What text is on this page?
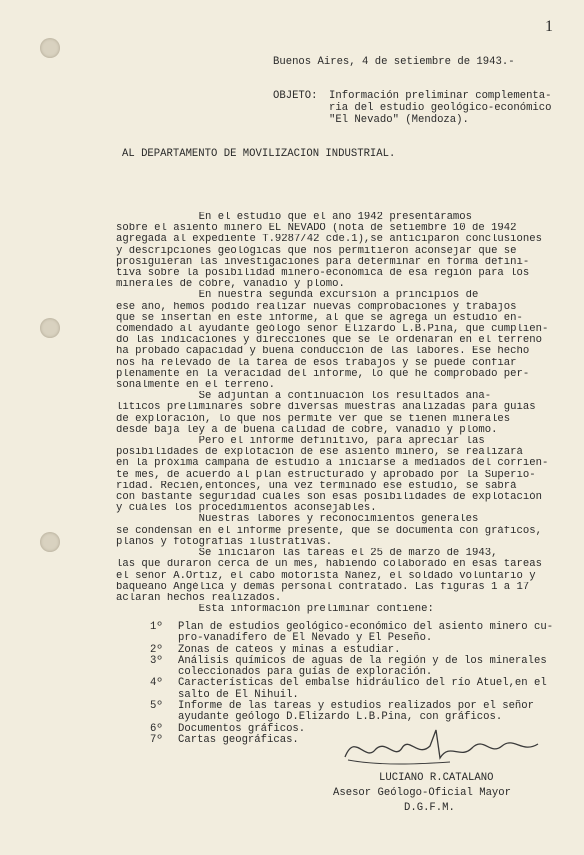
1
Buenos Aires, 4 de setiembre de 1943.-
OBJETO: Información preliminar complementa-
ria del estudio geológico-económico
"El Nevado" (Mendoza).
AL DEPARTAMENTO DE MOVILIZACION INDUSTRIAL.
En el estudio que el año 1942 presentáramos
sobre el asiento minero EL NEVADO (nota de setiembre 10 de 1942
agregada al expediente T.9287/42 cde.1),se anticiparon conclusiones
y descripciones geológicas que nos permitieron aconsejar que se
prosiguieran las investigaciones para determinar en forma defini-
tiva sobre la posibilidad minero-económica de esa región para los
minerales de cobre, vanadio y plomo.
En nuestra segunda excursión a principios de
ese año, hemos podido realizar nuevas comprobaciones y trabajos
que se insertan en este informe, al que se agrega un estudio en-
comendado al ayudante geólogo señor Elizardo L.B.Pina, que cumplien-
do las indicaciones y direcciones que se le ordenaran en el terreno
ha probado capacidad y buena conducción de las labores. Ese hecho
nos ha relevado de la tarea de esos trabajos y se puede confiar
plenamente en la veracidad del informe, lo que he comprobado per-
sonalmente en el terreno.
Se adjuntan a continuación los resultados ana-
líticos preliminares sobre diversas muestras analizadas para guías
de exploración, lo que nos permite ver que se tienen minerales
desde baja ley a de buena calidad de cobre, vanadio y plomo.
Pero el informe definitivo, para apreciar las
posibilidades de explotación de ese asiento minero, se realizará
en la próxima campaña de estudio a iniciarse a mediados del corrien-
te mes, de acuerdo al plan estructurado y aprobado por la Superio-
ridad. Recién,entonces, una vez terminado ese estudio, se sabrá
con bastante seguridad cuáles son esas posibilidades de explotación
y cuáles los procedimientos aconsejables.
Nuestras labores y reconocimientos generales
se condensan en el informe presente, que se documenta con gráficos,
planos y fotografías ilustrativas.
Se iniciaron las tareas el 25 de marzo de 1943,
las que duraron cerca de un mes, habiendo colaborado en esas tareas
el señor A.Ortiz, el cabo motorista Ñañez, el soldado voluntario y
baqueano Angélica y demás personal contratado. Las figuras 1 a 17
aclaran hechos realizados.
Esta información preliminar contiene:
1º	Plan de estudios geológico-económico del asiento minero cu-
pro-vanadífero de El Nevado y El Peseño.
2º	Zonas de cateos y minas a estudiar.
3º	Análisis químicos de aguas de la región y de los minerales
coleccionados para guías de exploración.
4º	Características del embalse hidráulico del río Atuel,en el
salto de El Nihuil.
5º	Informe de las tareas y estudios realizados por el señor
ayudante geólogo D.Elizardo L.B.Pina, con gráficos.
6º	Documentos gráficos.
7º	Cartas geográficas.
LUCIANO R.CATALANO
Asesor Geólogo-Oficial Mayor
D.G.F.M.
